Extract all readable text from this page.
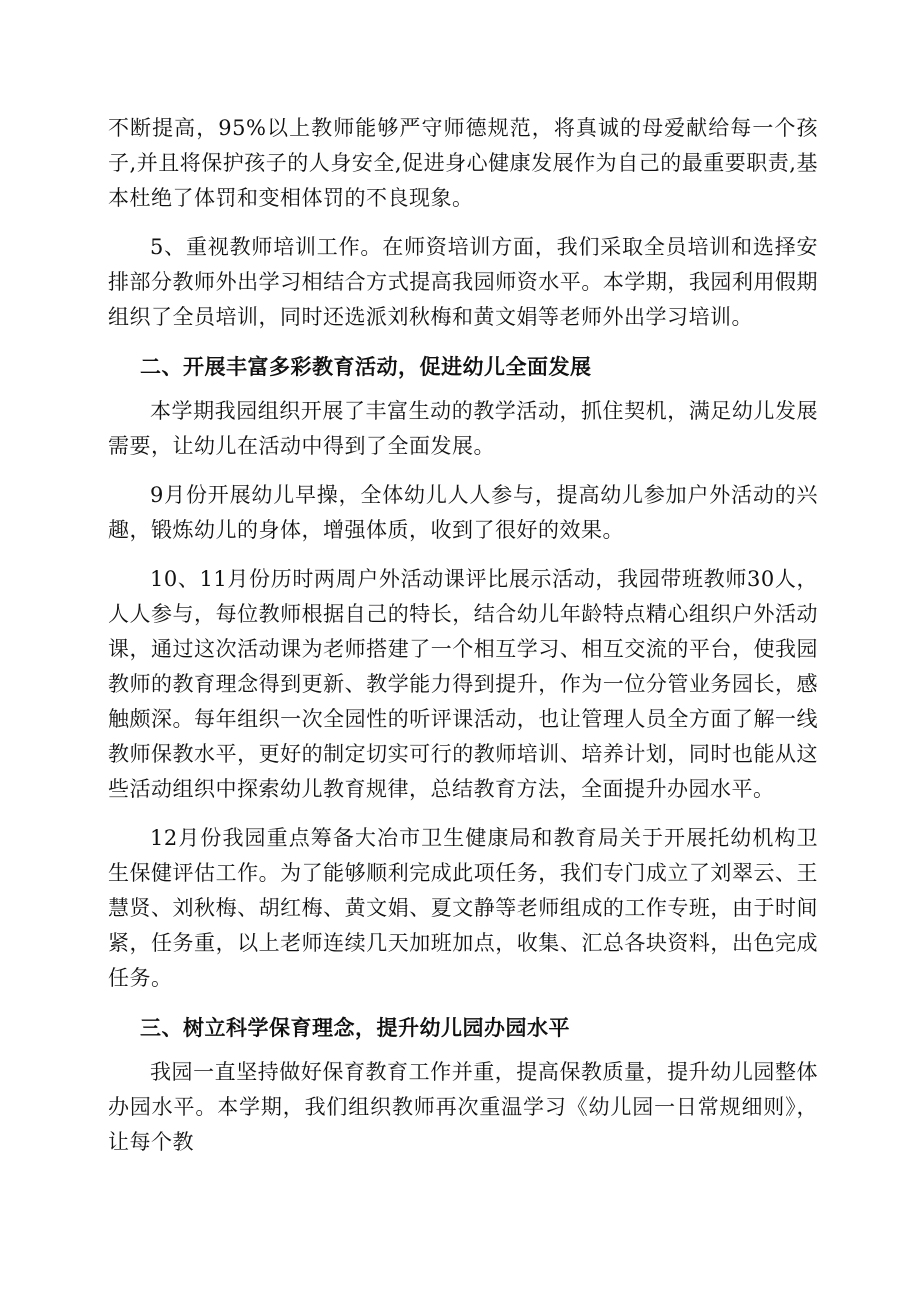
不断提高，95%以上教师能够严守师德规范，将真诚的母爱献给每一个孩子,并且将保护孩子的人身安全,促进身心健康发展作为自己的最重要职责,基本杜绝了体罚和变相体罚的不良现象。

5、重视教师培训工作。在师资培训方面，我们采取全员培训和选择安排部分教师外出学习相结合方式提高我园师资水平。本学期，我园利用假期组织了全员培训，同时还选派刘秋梅和黄文娟等老师外出学习培训。

二、开展丰富多彩教育活动，促进幼儿全面发展

本学期我园组织开展了丰富生动的教学活动，抓住契机，满足幼儿发展需要，让幼儿在活动中得到了全面发展。

9月份开展幼儿早操，全体幼儿人人参与，提高幼儿参加户外活动的兴趣，锻炼幼儿的身体，增强体质，收到了很好的效果。

10、11月份历时两周户外活动课评比展示活动，我园带班教师30人，人人参与，每位教师根据自己的特长，结合幼儿年龄特点精心组织户外活动课，通过这次活动课为老师搭建了一个相互学习、相互交流的平台，使我园教师的教育理念得到更新、教学能力得到提升，作为一位分管业务园长，感触颇深。每年组织一次全园性的听评课活动，也让管理人员全方面了解一线教师保教水平，更好的制定切实可行的教师培训、培养计划，同时也能从这些活动组织中探索幼儿教育规律，总结教育方法，全面提升办园水平。

12月份我园重点筹备大冶市卫生健康局和教育局关于开展托幼机构卫生保健评估工作。为了能够顺利完成此项任务，我们专门成立了刘翠云、王慧贤、刘秋梅、胡红梅、黄文娟、夏文静等老师组成的工作专班，由于时间紧，任务重，以上老师连续几天加班加点，收集、汇总各块资料，出色完成任务。

三、树立科学保育理念，提升幼儿园办园水平

我园一直坚持做好保育教育工作并重，提高保教质量，提升幼儿园整体办园水平。本学期，我们组织教师再次重温学习《幼儿园一日常规细则》，让每个教
